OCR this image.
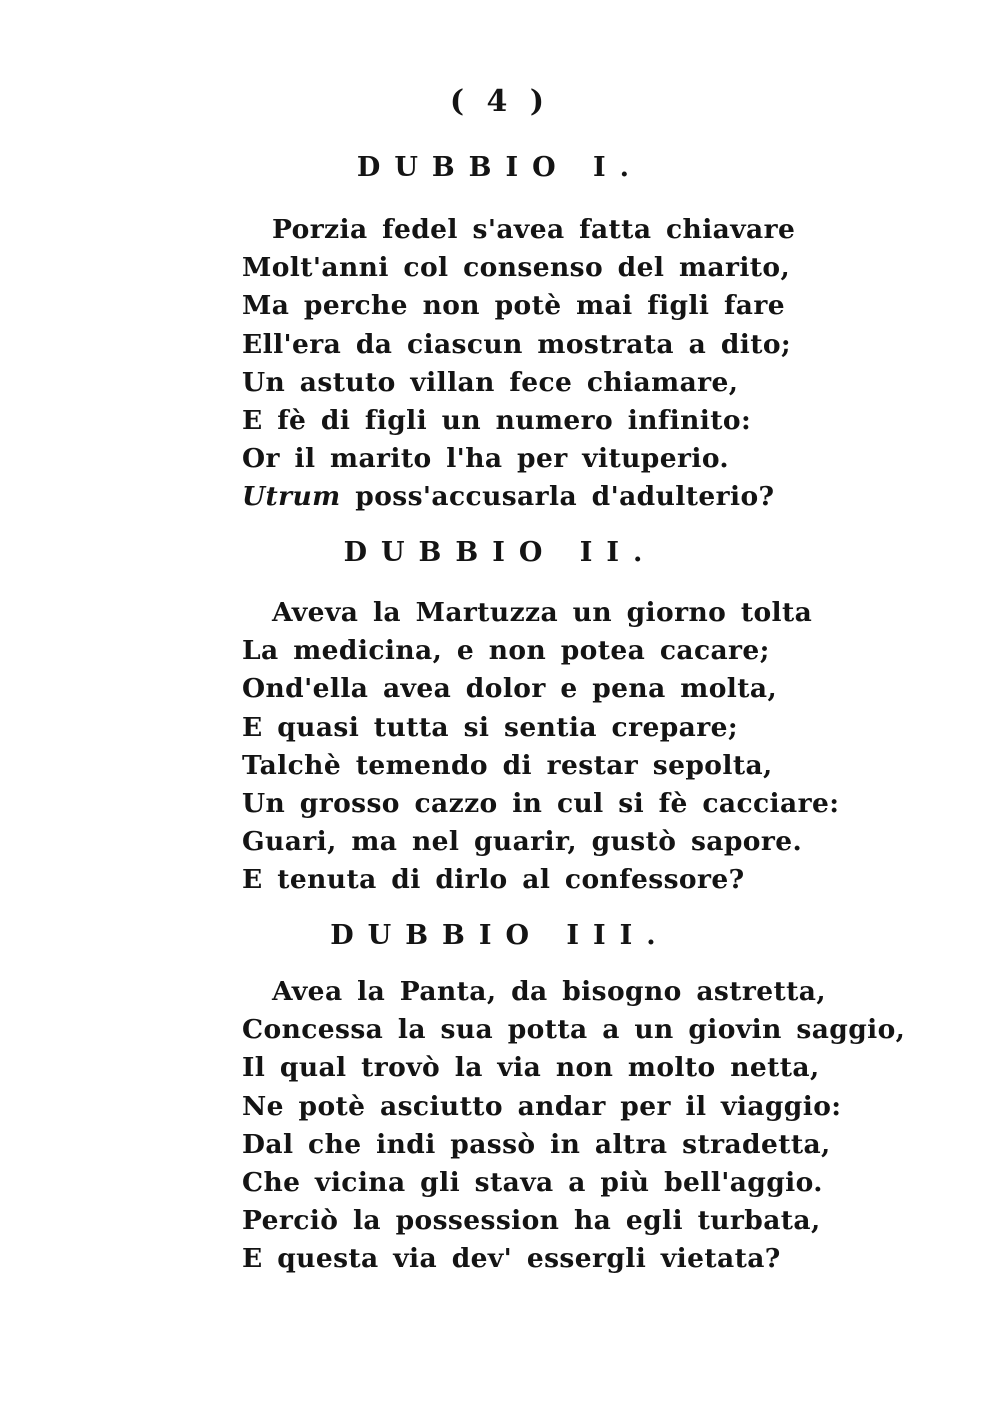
( 4 )
DUBBIO I.
Porzia fedel s'avea fatta chiavare
Molt'anni col consenso del marito,
Ma perche non potè mai figli fare
Ell'era da ciascun mostrata a dito;
Un astuto villan fece chiamare,
E fè di figli un numero infinito:
Or il marito l'ha per vituperio.
Utrum poss'accusarla d'adulterio?
DUBBIO II.
Aveva la Martuzza un giorno tolta
La medicina, e non potea cacare;
Ond'ella avea dolor e pena molta,
E quasi tutta si sentia crepare;
Talchè temendo di restar sepolta,
Un grosso cazzo in cul si fè cacciare:
Guari, ma nel guarir, gustò sapore.
E tenuta di dirlo al confessore?
DUBBIO III.
Avea la Panta, da bisogno astretta,
Concessa la sua potta a un giovin saggio,
Il qual trovò la via non molto netta,
Ne potè asciutto andar per il viaggio:
Dal che indi passò in altra stradetta,
Che vicina gli stava a più bell'aggio.
Perciò la possession ha egli turbata,
E questa via dev' essergli vietata?
